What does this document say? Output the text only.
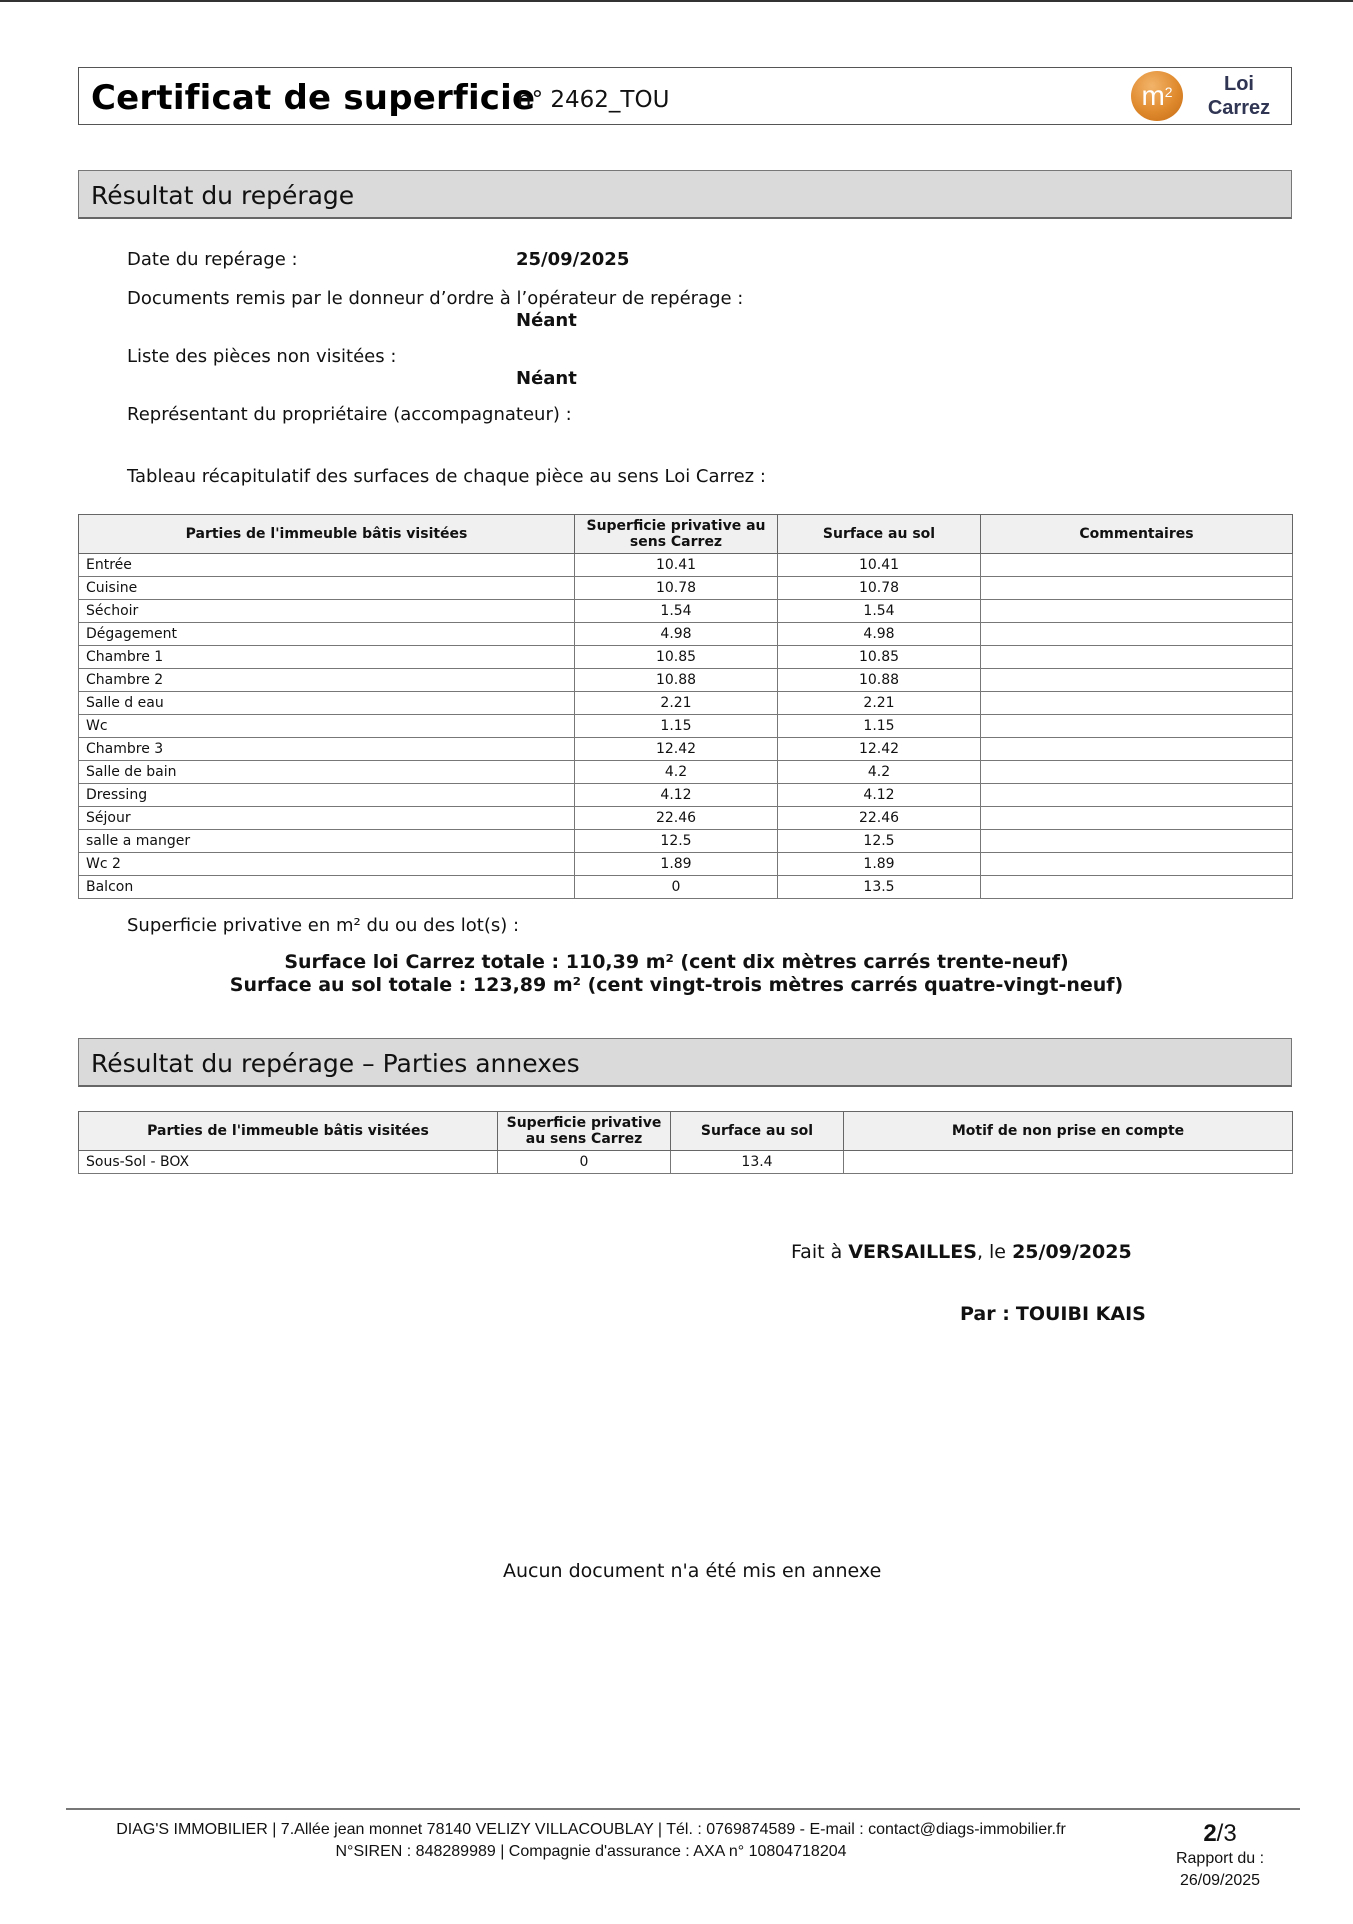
Certificat de superficie
n° 2462_TOU	$m^2$	Loi
Carrez
Résultat du repérage
Date du repérage :	25/09/2025
Documents remis par le donneur d’ordre à l’opérateur de repérage :
Néant
Liste des pièces non visitées :
Néant
Représentant du propriétaire (accompagnateur) :
Tableau récapitulatif des surfaces de chaque pièce au sens Loi Carrez :
Parties de l'immeuble bâtis visitées	Superficie privative au sens Carrez	Surface au sol	Commentaires
Entrée	10.41	10.41	
Cuisine	10.78	10.78	
Séchoir	1.54	1.54	
Dégagement	4.98	4.98	
Chambre 1	10.85	10.85	
Chambre 2	10.88	10.88	
Salle d eau	2.21	2.21	
Wc	1.15	1.15	
Chambre 3	12.42	12.42	
Salle de bain	4.2	4.2	
Dressing	4.12	4.12	
Séjour	22.46	22.46	
salle a manger	12.5	12.5	
Wc 2	1.89	1.89	
Balcon	0	13.5	
Superficie privative en m² du ou des lot(s) :
Surface loi Carrez totale : 110,39 m² (cent dix mètres carrés trente-neuf)
Surface au sol totale : 123,89 m² (cent vingt-trois mètres carrés quatre-vingt-neuf)
Résultat du repérage – Parties annexes
Parties de l'immeuble bâtis visitées	Superficie privative au sens Carrez	Surface au sol	Motif de non prise en compte
Sous-Sol - BOX	0	13.4	
Fait à VERSAILLES, le 25/09/2025
Par : TOUIBI KAIS
Aucun document n'a été mis en annexe
DIAG'S IMMOBILIER | 7.Allée jean monnet 78140 VELIZY VILLACOUBLAY | Tél. : 0769874589 - E-mail : contact@diags-immobilier.fr
N°SIREN : 848289989 | Compagnie d'assurance : AXA n° 10804718204
2/3
Rapport du :
26/09/2025
